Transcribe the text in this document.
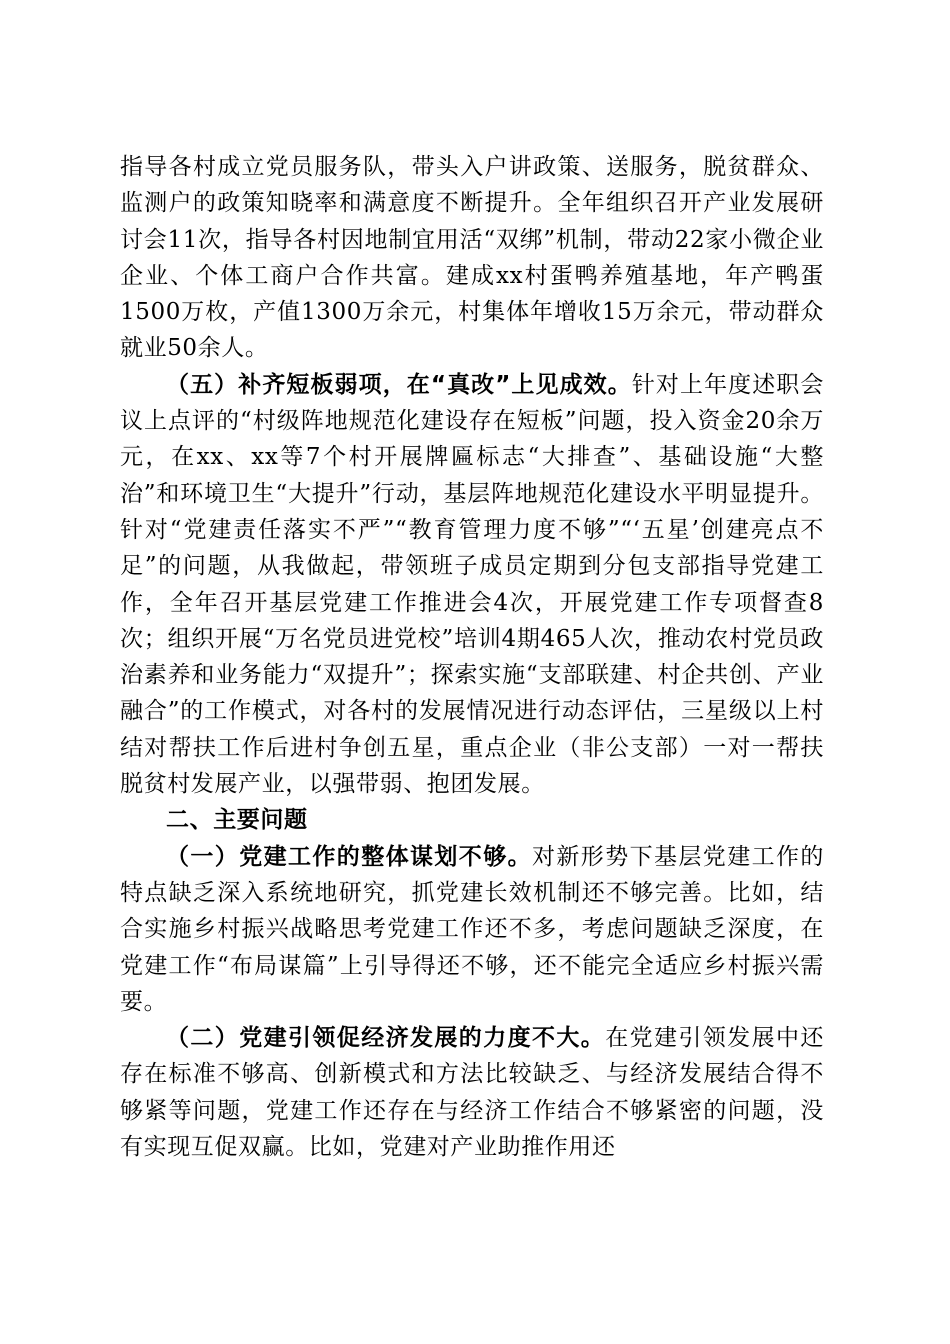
指导各村成立党员服务队，带头入户讲政策、送服务，脱贫群众、监测户的政策知晓率和满意度不断提升。全年组织召开产业发展研讨会11次，指导各村因地制宜用活“双绑”机制，带动22家小微企业企业、个体工商户合作共富。建成xx村蛋鸭养殖基地，年产鸭蛋1500万枚，产值1300万余元，村集体年增收15万余元，带动群众就业50余人。

（五）补齐短板弱项，在“真改”上见成效。针对上年度述职会议上点评的“村级阵地规范化建设存在短板”问题，投入资金20余万元，在xx、xx等7个村开展牌匾标志“大排查”、基础设施“大整治”和环境卫生“大提升”行动，基层阵地规范化建设水平明显提升。针对“党建责任落实不严”“教育管理力度不够”“‘五星’创建亮点不足”的问题，从我做起，带领班子成员定期到分包支部指导党建工作，全年召开基层党建工作推进会4次，开展党建工作专项督查8次；组织开展“万名党员进党校”培训4期465人次，推动农村党员政治素养和业务能力“双提升”；探索实施“支部联建、村企共创、产业融合”的工作模式，对各村的发展情况进行动态评估，三星级以上村结对帮扶工作后进村争创五星，重点企业（非公支部）一对一帮扶脱贫村发展产业，以强带弱、抱团发展。

二、主要问题

（一）党建工作的整体谋划不够。对新形势下基层党建工作的特点缺乏深入系统地研究，抓党建长效机制还不够完善。比如，结合实施乡村振兴战略思考党建工作还不多，考虑问题缺乏深度，在党建工作“布局谋篇”上引导得还不够，还不能完全适应乡村振兴需要。

（二）党建引领促经济发展的力度不大。在党建引领发展中还存在标准不够高、创新模式和方法比较缺乏、与经济发展结合得不够紧等问题，党建工作还存在与经济工作结合不够紧密的问题，没有实现互促双赢。比如，党建对产业助推作用还
